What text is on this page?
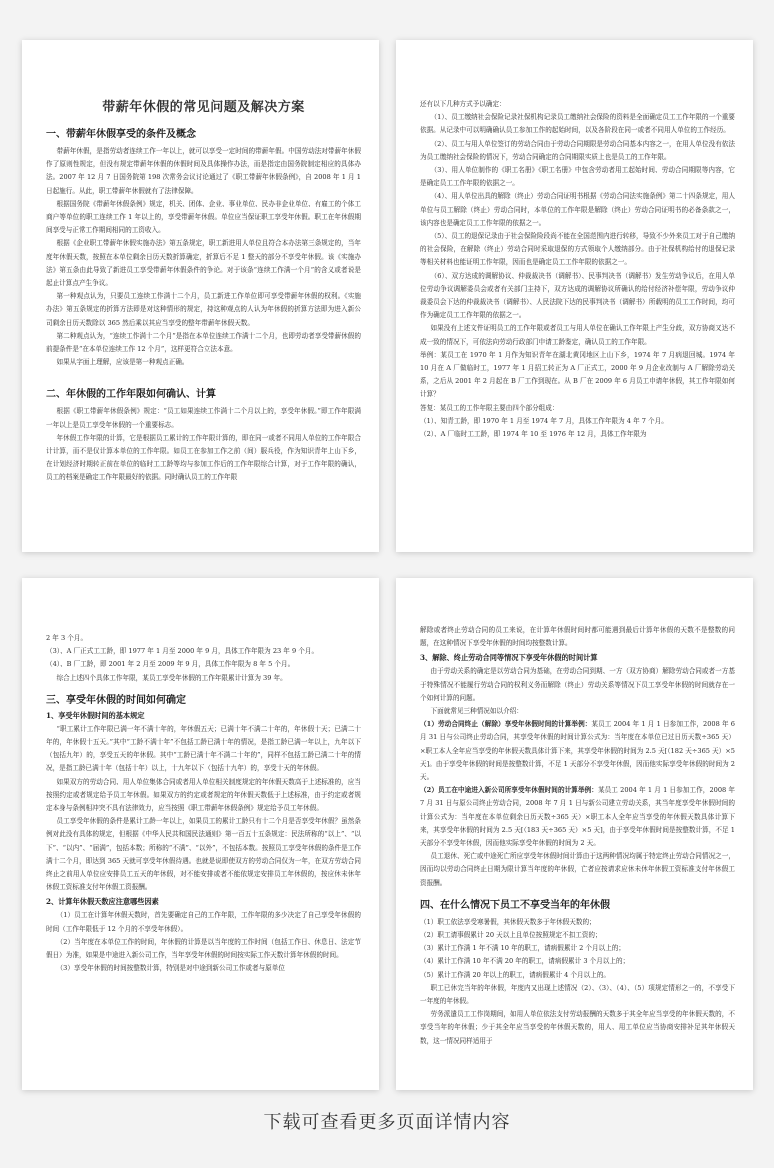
带薪年休假的常见问题及解决方案
一、带薪年休假享受的条件及概念
带薪年休假，是指劳动者连续工作一年以上，就可以享受一定时间的带薪年假。中国劳动法对带薪年休假作了原则性规定，但没有规定带薪年休假的休假时间及具体操作办法，而是指定由国务院制定相应的具体办法。2007 年 12 月 7 日国务院第 198 次常务会议讨论通过了《职工带薪年休假条例》，自 2008 年 1 月 1 日起施行。从此，职工带薪年休假就有了法律保障。
根据国务院《带薪年休假条例》规定，机关、团体、企业、事业单位、民办非企业单位、有雇工的个体工商户等单位的职工连续工作 1 年以上的，享受带薪年休假。单位应当保证职工享受年休假。职工在年休假期间享受与正常工作期间相同的工资收入。
根据《企业职工带薪年休假实施办法》第五条规定，职工新进用人单位且符合本办法第三条规定的，当年度年休假天数，按照在本单位剩余日历天数折算确定，折算后不足 1 整天的部分不享受年休假。该《实施办法》第五条由此导致了新进员工享受带薪年休假条件的争论。对于该条“连续工作满一个月”的含义或者说是起止计算点产生争议。
第一种观点认为，只要员工连续工作满十二个月，员工新进工作单位即可享受带薪年休假的权利。《实施办法》第五条规定的折算方法即是对这种情形的规定，持这种观点的人认为年休假的折算方法即为进入新公司剩余日历天数除以 365 然后乘以其应当享受的整年带薪年休假天数。
第二种观点认为，“连续工作满十二个月”是指在本单位连续工作满十二个月，也即劳动者享受带薪休假的前提条件是“在本单位连续工作 12 个月”，这样更符合立法本意。
如果从字面上理解，应该是第一种观点正确。
二、年休假的工作年限如何确认、计算
根据《职工带薪年休假条例》规定：“员工如果连续工作满十二个月以上的，享受年休假。”即工作年限满一年以上是员工享受年休假的一个重要标志。
年休假工作年限的计算，它是根据员工累计的工作年限计算的，即在同一或者不同用人单位的工作年限合计计算，而不是仅计算本单位的工作年限。如员工在参加工作之前（间）服兵役，作为知识青年上山下乡，在计划经济时期转正前在单位的临时工工龄等均与参加工作后的工作年限综合计算，对于工作年限的确认，员工的档案是确定工作年限最好的依据。同时确认员工的工作年限
还有以下几种方式予以确定：
（1）、员工缴纳社会保险记录社保机构记录员工缴纳社会保险的资料是全面确定员工工作年限的一个重要依据。从记录中可以明确确认员工参加工作的起始时间，以及各阶段在同一或者不同用人单位的工作经历。
（2）、员工与用人单位签订的劳动合同由于劳动合同期限是劳动合同基本内容之一，在用人单位没有依法为员工缴纳社会保险的情况下，劳动合同确定的合同期限实质上也是员工的工作年限。
（3）、用人单位制作的《职工名册》《职工名册》中包含劳动者用工起始时间、劳动合同期限等内容，它是确定员工工作年限的依据之一。
（4）、用人单位出具的解除（终止）劳动合同证明书根据《劳动合同法实施条例》第二十四条规定，用人单位与员工解除（终止）劳动合同时，本单位的工作年限是解除（终止）劳动合同证明书的必备条款之一，该内容也是确定员工工作年限的依据之一。
（5）、员工的退保记录由于社会保险险段尚不能在全国范围内进行转移，导致不少外来员工对于自己缴纳的社会保险，在解除（终止）劳动合同时采取退保的方式领取个人缴纳部分。由于社保机构给付的退保记录等相关材料也能证明工作年限，因而也是确定员工工作年限的依据之一。
（6）、双方达成的调解协议、仲裁裁决书（调解书）、民事判决书（调解书）发生劳动争议后，在用人单位劳动争议调解委员会或者有关部门主持下，双方达成的调解协议所确认的给付经济补偿年限，劳动争议仲裁委员会下达的仲裁裁决书（调解书）、人民法院下达的民事判决书（调解书）所载明的员工工作时间，均可作为确定员工工作年限的依据之一。
如果没有上述文件证明员工的工作年限或者员工与用人单位在确认工作年限上产生分歧，双方协商又达不成一致的情况下，可依法向劳动行政部门申请工龄鉴定，确认员工的工作年限。
举例：某员工在 1970 年 1 月作为知识青年在湖北黄冈地区上山下乡，1974 年 7 月病退回城。1974 年 10 月在 A 厂做临时工，1977 年 1 月招工转正为 A 厂正式工，2000 年 9 月企业改制与 A 厂解除劳动关系，之后从 2001 年 2 月起在 B 厂工作到现在。从 B 厂在 2009 年 6 月员工申请年休假，其工作年限如何计算？
答复：某员工的工作年限主要由四个部分组成：
（1）、知青工龄，即 1970 年 1 月至 1974 年 7 月，具体工作年限为 4 年 7 个月。
（2）、A 厂临时工工龄，即 1974 年 10 至 1976 年 12 月，具体工作年限为
2 年 3 个月。
（3）、A 厂正式工工龄，即 1977 年 1 月至 2000 年 9 月，具体工作年限为 23 年 9 个月。
（4）、B 厂工龄，即 2001 年 2 月至 2009 年 9 月，具体工作年限为 8 年 5 个月。
综合上述四个具体工作年限，某员工享受年休假的工作年限累计计算为 39 年。
三、享受年休假的时间如何确定
1、享受年休假时间的基本规定
“职工累计工作年限已满一年不满十年的，年休假五天；已满十年不满二十年的，年休假十天；已满二十年的，年休假十五天。”其中“工龄不满十年”不包括工龄已满十年的情况，是指工龄已满一年以上，九年以下（包括九年）的，享受五天的年休假。其中“工龄已满十年不满二十年的”，同样不包括工龄已满二十年的情况，是指工龄已满十年（包括十年）以上，十九年以下（包括十九年）的，享受十天的年休假。
如果双方的劳动合同、用人单位集体合同或者用人单位相关制度规定的年休假天数高于上述标准的，应当按照约定或者规定给予员工年休假。如果双方的约定或者规定的年休假天数低于上述标准，由于约定或者规定本身与条例相冲突不具有法律效力，应当按照《职工带薪年休假条例》规定给予员工年休假。
员工享受年休假的条件是累计工龄一年以上，如果员工的累计工龄只有十二个月是否享受年休假？虽然条例对此没有具体的规定，但根据《中华人民共和国民法通则》第一百五十五条规定：民法所称的“以上”、“以下”、“以内”、“届满”，包括本数；所称的“不满”、“以外”，不包括本数。按照员工享受年休假的条件是工作满十二个月，即达到 365 天就可享受年休假待遇。也就是说即使双方的劳动合同仅为一年，在双方劳动合同终止之前用人单位应安排员工五天的年休假，对不能安排或者不能依规定安排员工年休假的，按应休未休年休假工资标准支付年休假工资报酬。
2、计算年休假天数应注意哪些因素
（1）员工在计算年休假天数时，首先要确定自己的工作年限，工作年限的多少决定了自己享受年休假的时间（工作年限低于 12 个月的不享受年休假）。
（2）当年度在本单位工作的时间，年休假的计算是以当年度的工作时间（包括工作日、休息日、法定节假日）为准，如果是中途进入新公司工作，当年享受年休假的时间按实际工作天数计算年休假的时间。
（3）享受年休假的时间按整数计算，特别是对中途到新公司工作或者与原单位
解除或者终止劳动合同的员工来说，在计算年休假时间时都可能遇到最后计算年休假的天数不是整数的问题，在这种情况下享受年休假的时间均按整数计算。
3、解除、终止劳动合同等情况下享受年休假的时间计算
由于劳动关系的确定是以劳动合同为基础，在劳动合同到期、一方（双方协商）解除劳动合同或者一方基于特殊情况不能履行劳动合同的权利义务而解除（终止）劳动关系等情况下员工享受年休假的时间就存在一个如何计算的问题。
下面就常见三种情况如以介绍：
（1）劳动合同终止（解除）享受年休假时间的计算举例：某员工 2004 年 1 月 1 日参加工作，2008 年 6 月 31 日与公司终止劳动合同，其享受年休假的时间计算公式为：当年度在本单位已过日历天数÷365 天）×职工本人全年应当享受的年休假天数具体计算下来，其享受年休假的时间为 2.5 天[（182 天÷365 天）×5 天]。由于享受年休假的时间是按整数计算，不足 1 天部分不享受年休假，因而他实际享受年休假的时间为 2 天。
（2）员工在中途进入新公司所享受年休假时间的计算举例：某员工 2004 年 1 月 1 日参加工作，2008 年 7 月 31 日与原公司终止劳动合同，2008 年 7 月 1 日与新公司建立劳动关系，其当年度享受年休假时间的计算公式为：当年度在本单位剩余日历天数÷365 天）×职工本人全年应当享受的年休假天数具体计算下来，其享受年休假的时间为 2.5 天[（183 天÷365 天）×5 天]，由于享受年休假时间是按整数计算，不足 1 天部分不享受年休假，因而他实际享受年休假的时间为 2 天。
员工退休、死亡或中途死亡所应享受年休假时间计算由于这两种情况均属于特定终止劳动合同情况之一，因而均以劳动合同终止日期为限计算当年度的年休假，亡者应按请求应休未休年休假工资标准支付年休假工资报酬。
四、在什么情况下员工不享受当年的年休假
（1）职工依法享受寒暑假，其休假天数多于年休假天数的；
（2）职工请事假累计 20 天以上且单位按照规定不扣工资的；
（3）累计工作满 1 年不满 10 年的职工，请病假累计 2 个月以上的；
（4）累计工作满 10 年不满 20 年的职工，请病假累计 3 个月以上的；
（5）累计工作满 20 年以上的职工，请病假累计 4 个月以上的。
职工已休完当年的年休假，年度内又出现上述情况（2）、（3）、（4）、（5）项规定情形之一的，不享受下一年度的年休假。
劳务派遣员工工作岗期间，如用人单位依法支付劳动报酬的天数多于其全年应当享受的年休假天数的，不享受当年的年休假；少于其全年应当享受的年休假天数的，用人、用工单位应当协商安排补足其年休假天数，这一情况同样适用于
下载可查看更多页面详情内容
